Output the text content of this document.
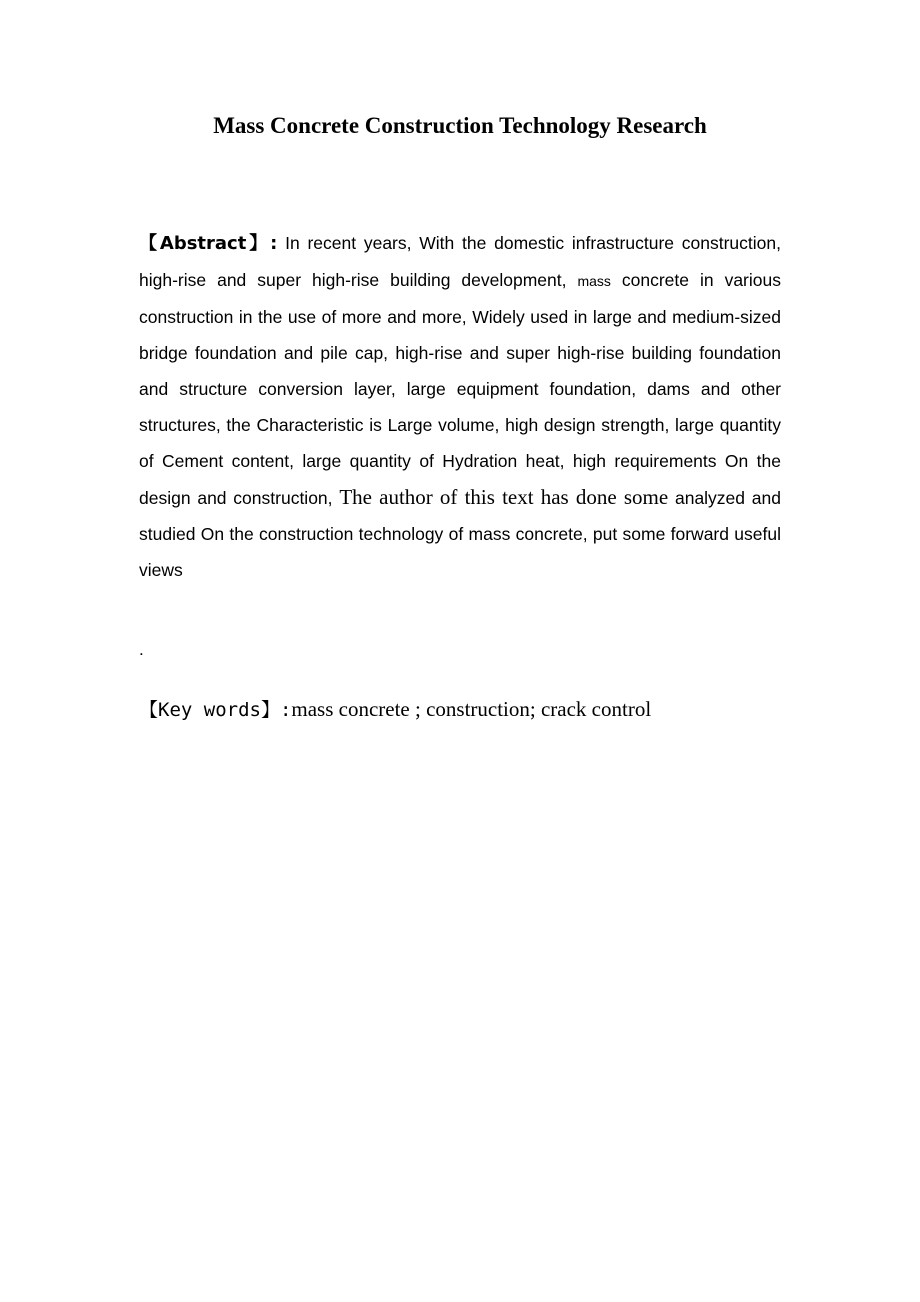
Mass Concrete Construction Technology Research

【Abstract】: In recent years, With the domestic infrastructure construction, high-rise and super high-rise building development, mass concrete in various construction in the use of more and more, Widely used in large and medium-sized bridge foundation and pile cap, high-rise and super high-rise building foundation and structure conversion layer, large equipment foundation, dams and other structures, the Characteristic is Large volume, high design strength, large quantity of Cement content, large quantity of Hydration heat, high requirements On the design and construction, The author of this text has done some analyzed and studied On the construction technology of mass concrete, put some forward useful views

.

【Key words】:mass concrete ; construction; crack control
